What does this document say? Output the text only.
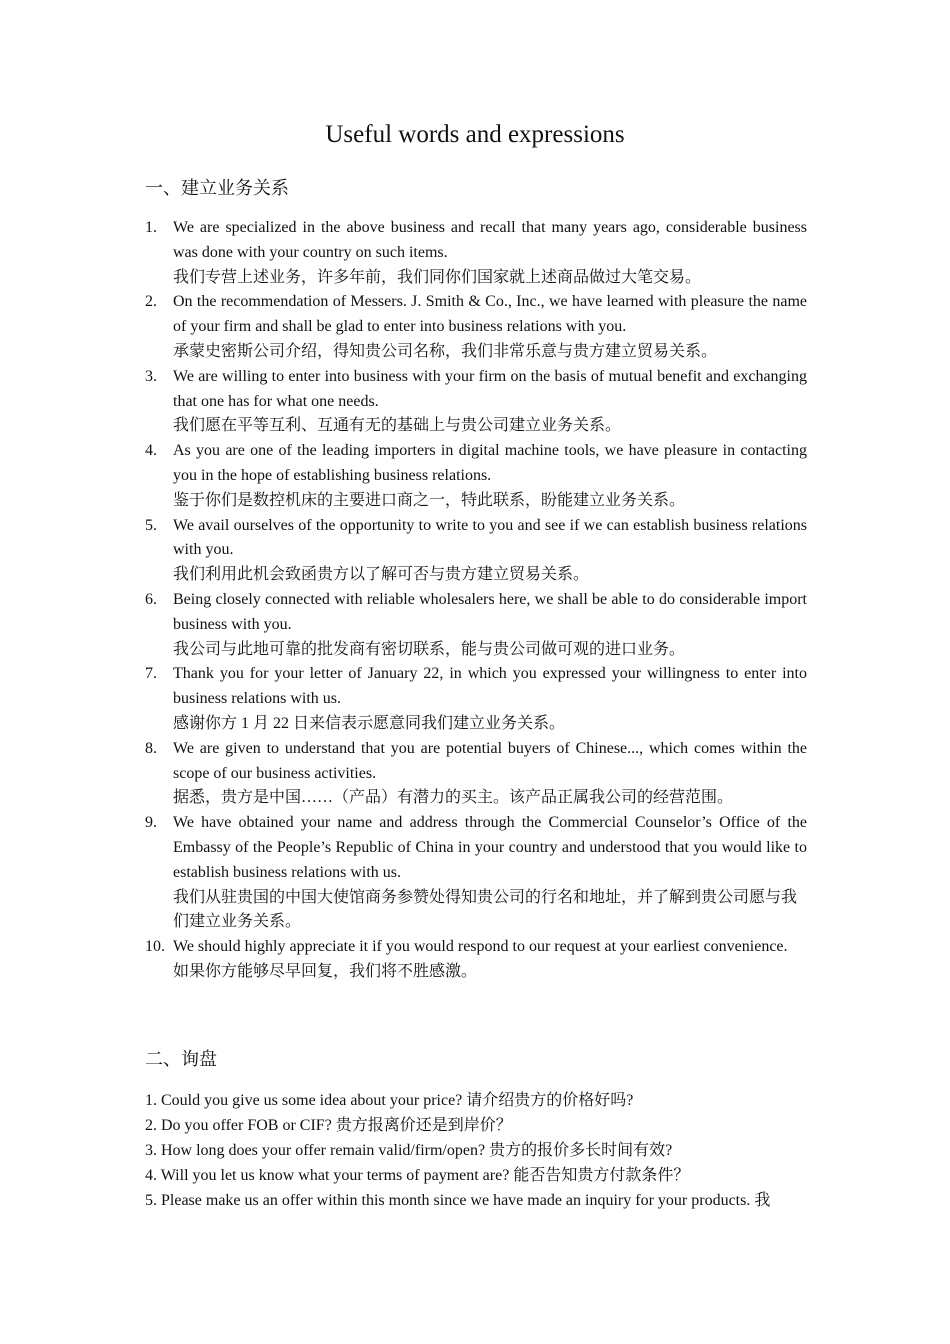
Useful words and expressions
一、建立业务关系
1.	We are specialized in the above business and recall that many years ago, considerable business was done with your country on such items.
我们专营上述业务，许多年前，我们同你们国家就上述商品做过大笔交易。
2.	On the recommendation of Messers. J. Smith & Co., Inc., we have learned with pleasure the name of your firm and shall be glad to enter into business relations with you.
承蒙史密斯公司介绍，得知贵公司名称，我们非常乐意与贵方建立贸易关系。
3.	We are willing to enter into business with your firm on the basis of mutual benefit and exchanging that one has for what one needs.
我们愿在平等互利、互通有无的基础上与贵公司建立业务关系。
4.	As you are one of the leading importers in digital machine tools, we have pleasure in contacting you in the hope of establishing business relations.
鉴于你们是数控机床的主要进口商之一，特此联系，盼能建立业务关系。
5.	We avail ourselves of the opportunity to write to you and see if we can establish business relations with you.
我们利用此机会致函贵方以了解可否与贵方建立贸易关系。
6.	Being closely connected with reliable wholesalers here, we shall be able to do considerable import business with you.
我公司与此地可靠的批发商有密切联系，能与贵公司做可观的进口业务。
7.	Thank you for your letter of January 22, in which you expressed your willingness to enter into business relations with us.
感谢你方 1 月 22 日来信表示愿意同我们建立业务关系。
8.	We are given to understand that you are potential buyers of Chinese..., which comes within the scope of our business activities.
据悉，贵方是中国……（产品）有潜力的买主。该产品正属我公司的经营范围。
9.	We have obtained your name and address through the Commercial Counselor’s Office of the Embassy of the People’s Republic of China in your country and understood that you would like to establish business relations with us.
我们从驻贵国的中国大使馆商务参赞处得知贵公司的行名和地址，并了解到贵公司愿与我们建立业务关系。
10. We should highly appreciate it if you would respond to our request at your earliest convenience.
如果你方能够尽早回复，我们将不胜感激。
二、询盘
1. Could you give us some idea about your price? 请介绍贵方的价格好吗?
2. Do you offer FOB or CIF? 贵方报离价还是到岸价？
3. How long does your offer remain valid/firm/open? 贵方的报价多长时间有效?
4. Will you let us know what your terms of payment are? 能否告知贵方付款条件？
5. Please make us an offer within this month since we have made an inquiry for your products. 我
